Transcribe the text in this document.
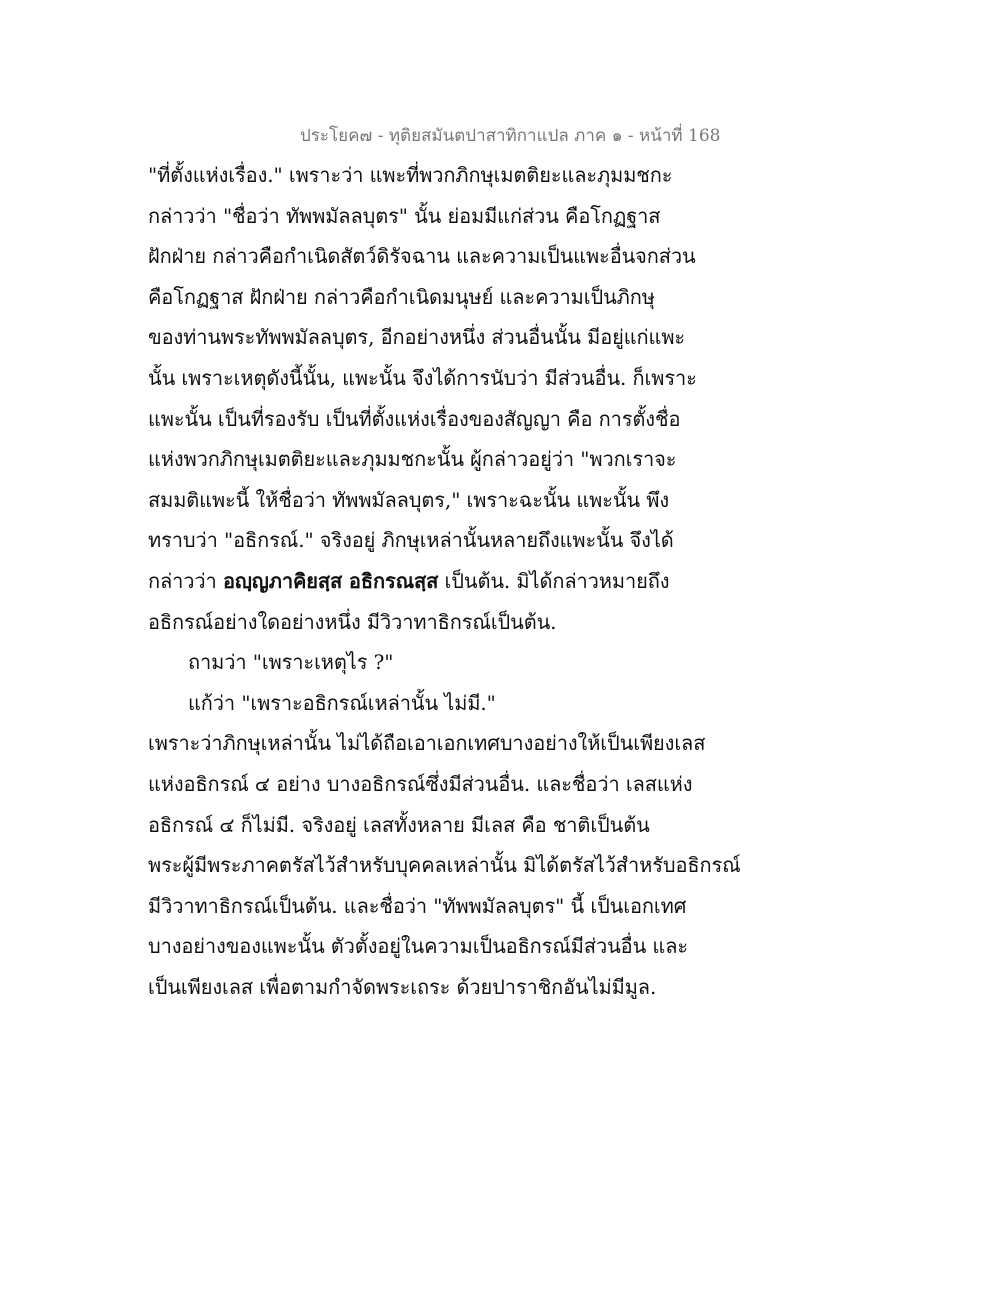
ประโยค๗ - ทุติยสมันตปาสาทิกาแปล ภาค ๑ - หน้าที่ 168
"ที่ตั้งแห่งเรื่อง." เพราะว่า แพะที่พวกภิกษุเมตติยะและภุมมชกะ
กล่าวว่า "ชื่อว่า ทัพพมัลลบุตร" นั้น ย่อมมีแก่ส่วน คือโกฏฐาส
ฝักฝ่าย กล่าวคือกำเนิดสัตว์ดิรัจฉาน และความเป็นแพะอื่นจกส่วน
คือโกฏฐาส ฝักฝ่าย กล่าวคือกำเนิดมนุษย์ และความเป็นภิกษุ
ของท่านพระทัพพมัลลบุตร, อีกอย่างหนึ่ง ส่วนอื่นนั้น มีอยู่แก่แพะ
นั้น เพราะเหตุดังนี้นั้น, แพะนั้น จึงได้การนับว่า มีส่วนอื่น. ก็เพราะ
แพะนั้น เป็นที่รองรับ เป็นที่ตั้งแห่งเรื่องของสัญญา คือ การตั้งชื่อ
แห่งพวกภิกษุเมตติยะและภุมมชกะนั้น ผู้กล่าวอยู่ว่า "พวกเราจะ
สมมติแพะนี้ ให้ชื่อว่า ทัพพมัลลบุตร," เพราะฉะนั้น แพะนั้น พึง
ทราบว่า "อธิกรณ์." จริงอยู่ ภิกษุเหล่านั้นหลายถึงแพะนั้น จึงได้
กล่าวว่า อญฺญภาคิยสฺส อธิกรณสฺส เป็นต้น. มิได้กล่าวหมายถึง
อธิกรณ์อย่างใดอย่างหนึ่ง มีวิวาทาธิกรณ์เป็นต้น.
ถามว่า "เพราะเหตุไร ?"
แก้ว่า "เพราะอธิกรณ์เหล่านั้น ไม่มี."
เพราะว่าภิกษุเหล่านั้น ไม่ได้ถือเอาเอกเทศบางอย่างให้เป็นเพียงเลส
แห่งอธิกรณ์ ๔ อย่าง บางอธิกรณ์ซึ่งมีส่วนอื่น. และชื่อว่า เลสแห่ง
อธิกรณ์ ๔ ก็ไม่มี. จริงอยู่ เลสทั้งหลาย มีเลส คือ ชาติเป็นต้น
พระผู้มีพระภาคตรัสไว้สำหรับบุคคลเหล่านั้น มิได้ตรัสไว้สำหรับอธิกรณ์
มีวิวาทาธิกรณ์เป็นต้น. และชื่อว่า "ทัพพมัลลบุตร" นี้ เป็นเอกเทศ
บางอย่างของแพะนั้น ตัวตั้งอยู่ในความเป็นอธิกรณ์มีส่วนอื่น และ
เป็นเพียงเลส เพื่อตามกำจัดพระเถระ ด้วยปาราชิกอันไม่มีมูล.
